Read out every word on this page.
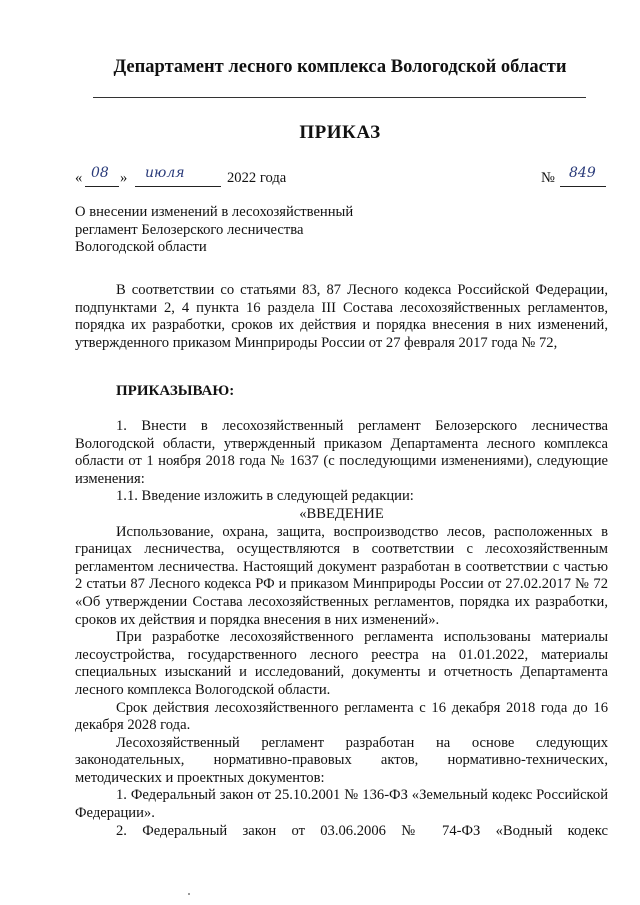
Департамент лесного комплекса Вологодской области
ПРИКАЗ
« 08 » июля	2022 года	№ 849
О внесении изменений в лесохозяйственный
регламент Белозерского лесничества
Вологодской области

В соответствии со статьями 83, 87 Лесного кодекса Российской Федерации, подпунктами 2, 4 пункта 16 раздела III Состава лесохозяйственных регламентов, порядка их разработки, сроков их действия и порядка внесения в них изменений, утвержденного приказом Минприроды России от 27 февраля 2017 года № 72,

ПРИКАЗЫВАЮ:

1. Внести в лесохозяйственный регламент Белозерского лесничества Вологодской области, утвержденный приказом Департамента лесного комплекса области от 1 ноября 2018 года № 1637 (с последующими изменениями), следующие изменения:

1.1. Введение изложить в следующей редакции:

«ВВЕДЕНИЕ

Использование, охрана, защита, воспроизводство лесов, расположенных в границах лесничества, осуществляются в соответствии с лесохозяйственным регламентом лесничества. Настоящий документ разработан в соответствии с частью 2 статьи 87 Лесного кодекса РФ и приказом Минприроды России от 27.02.2017 № 72 «Об утверждении Состава лесохозяйственных регламентов, порядка их разработки, сроков их действия и порядка внесения в них изменений».

При разработке лесохозяйственного регламента использованы материалы лесоустройства, государственного лесного реестра на 01.01.2022, материалы специальных изысканий и исследований, документы и отчетность Департамента лесного комплекса Вологодской области.

Срок действия лесохозяйственного регламента с 16 декабря 2018 года до 16 декабря 2028 года.

Лесохозяйственный регламент разработан на основе следующих законодательных, нормативно-правовых актов, нормативно-технических, методических и проектных документов:

1. Федеральный закон от 25.10.2001 № 136-ФЗ «Земельный кодекс Российской Федерации».

2. Федеральный закон от 03.06.2006 № 74-ФЗ «Водный кодекс
